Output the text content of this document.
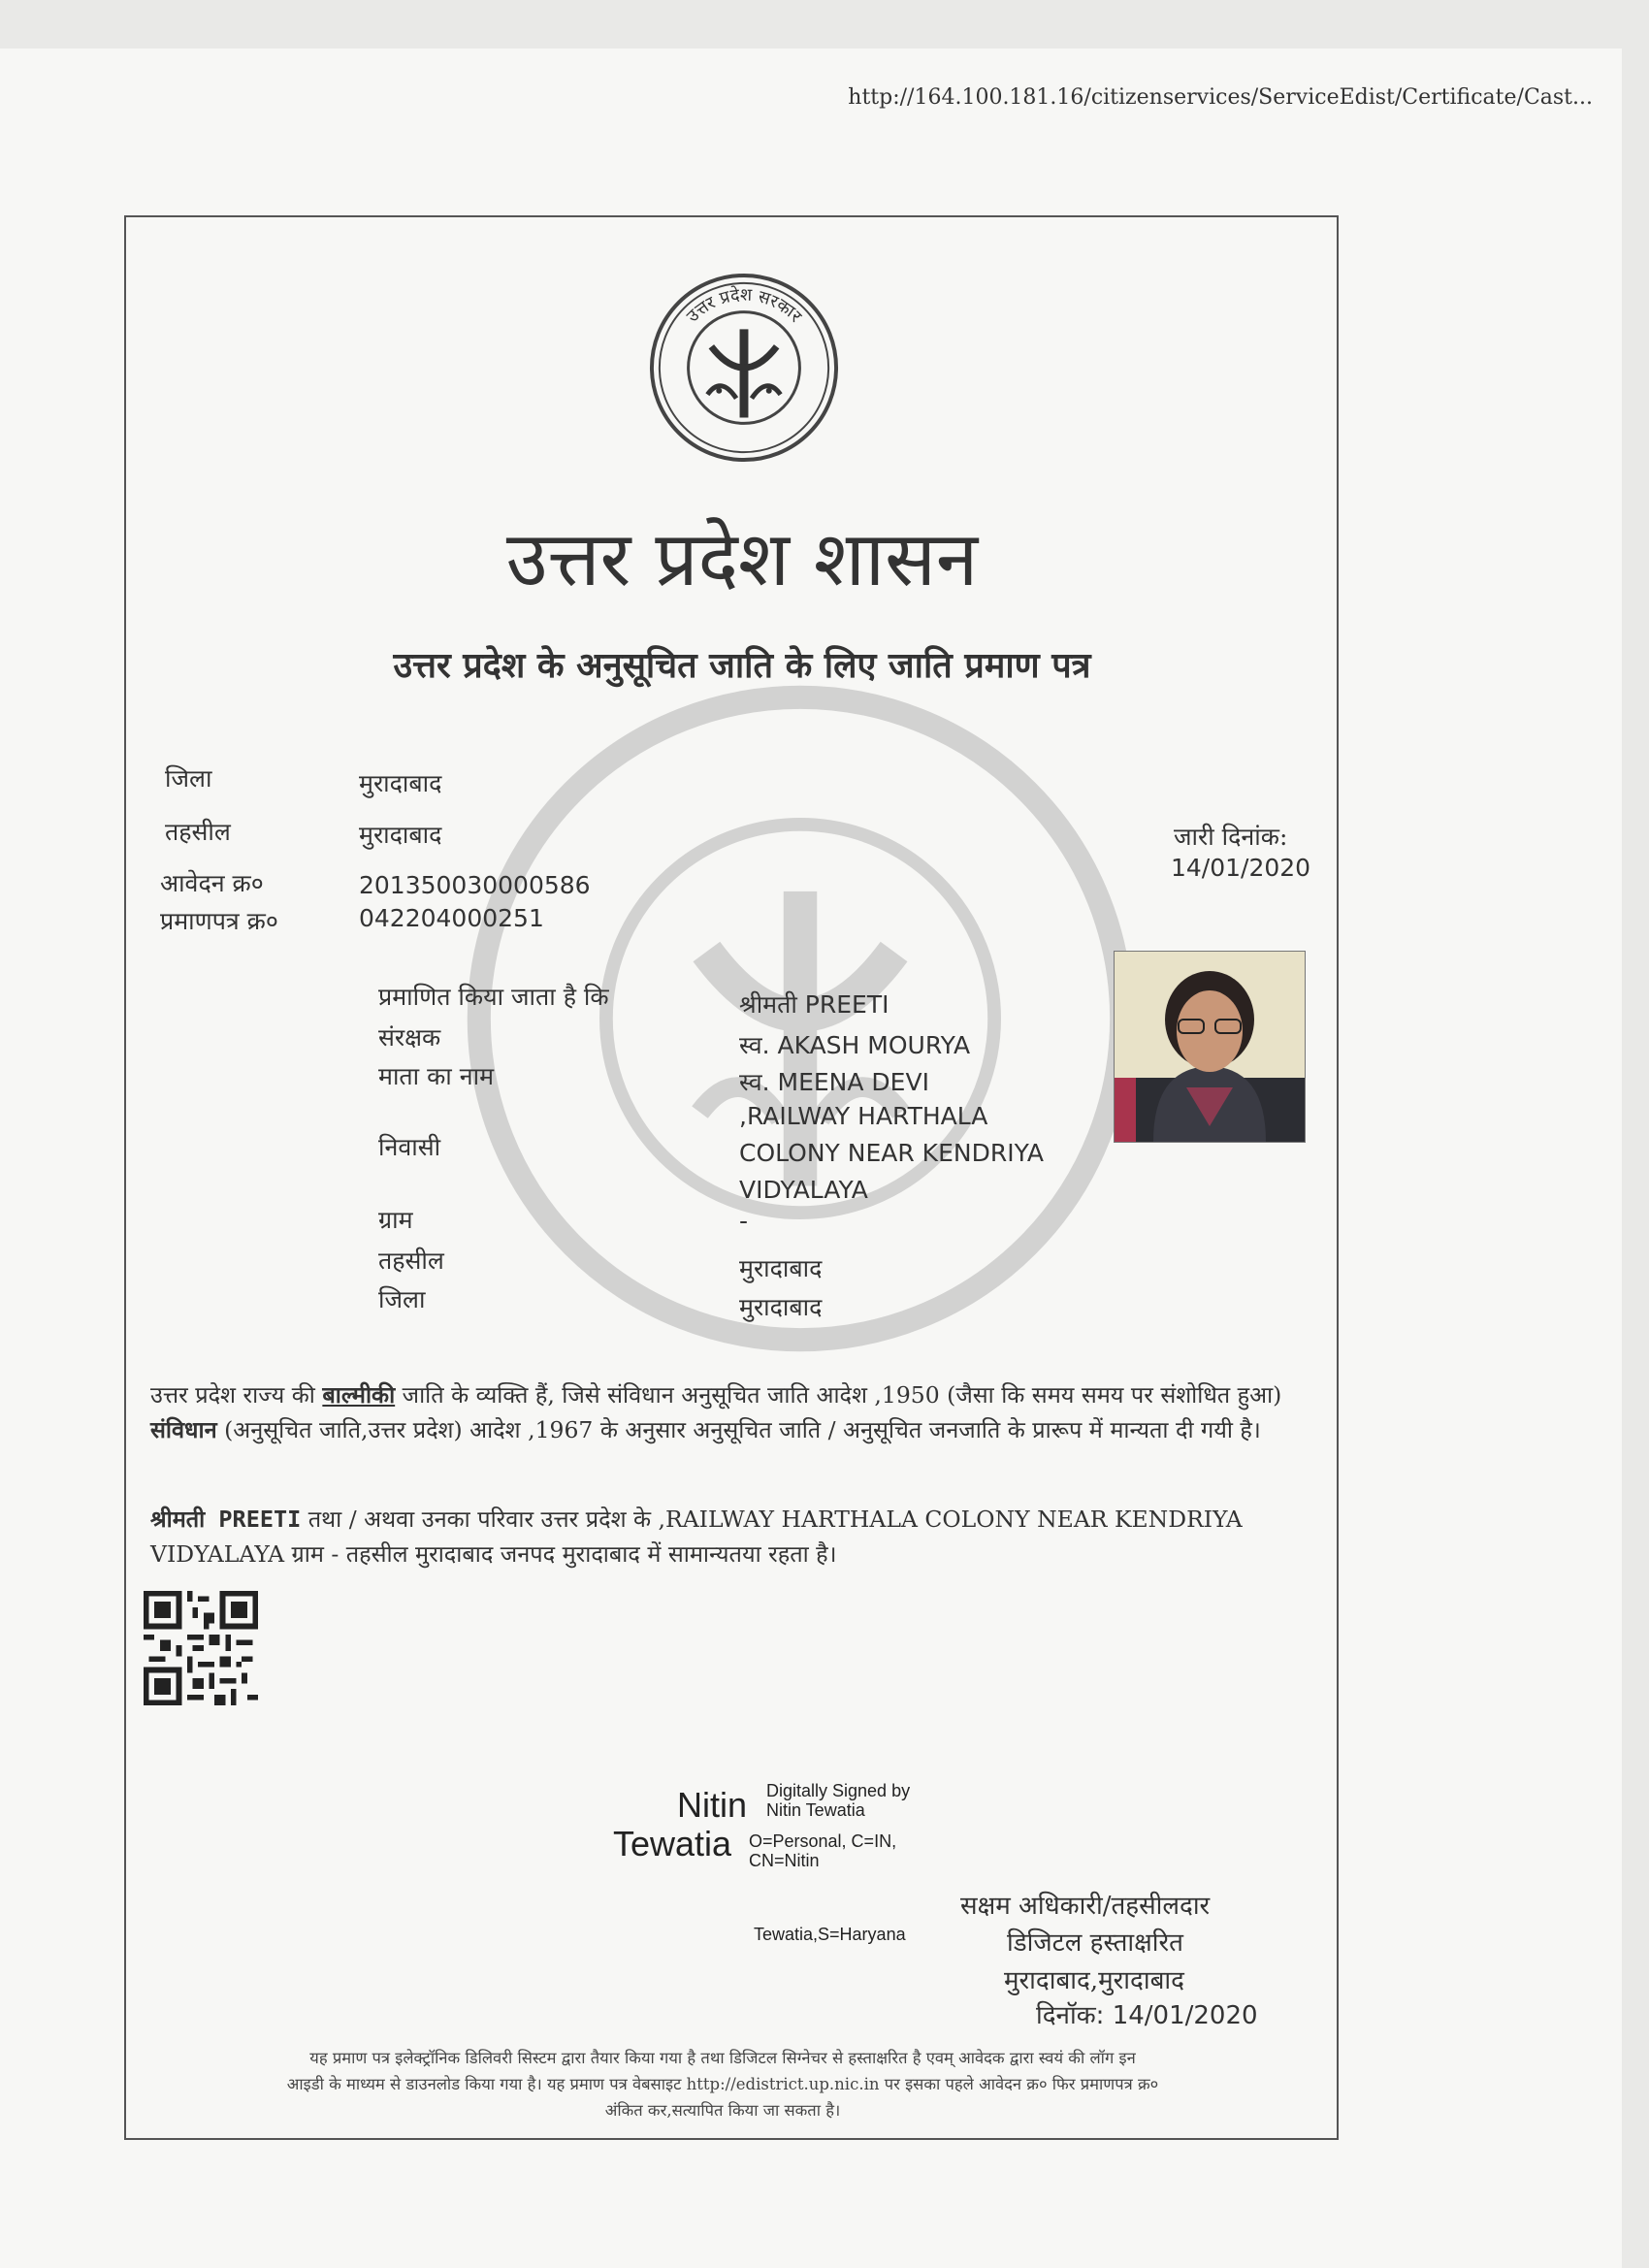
http://164.100.181.16/citizenservices/ServiceEdist/Certificate/Cast...
उत्तर प्रदेश सरकार
उत्तर प्रदेश शासन
उत्तर प्रदेश के अनुसूचित जाति के लिए जाति प्रमाण पत्र
जिला	मुरादाबाद
तहसील	मुरादाबाद
आवेदन क्र०	201350030000586
प्रमाणपत्र क्र०	042204000251
जारी दिनांक:
14/01/2020
प्रमाणित किया जाता है कि	श्रीमती PREETI
संरक्षक	स्व. AKASH MOURYA
माता का नाम	स्व. MEENA DEVI
निवासी
,RAILWAY HARTHALA
COLONY NEAR KENDRIYA
VIDYALAYA
ग्राम	-
तहसील	मुरादाबाद
जिला	मुरादाबाद
उत्तर प्रदेश राज्य की बाल्मीकी जाति के व्यक्ति हैं, जिसे संविधान अनुसूचित जाति आदेश ,1950 (जैसा कि समय समय पर संशोधित हुआ) संविधान (अनुसूचित जाति,उत्तर प्रदेश) आदेश ,1967 के अनुसार अनुसूचित जाति / अनुसूचित जनजाति के प्रारूप में मान्यता दी गयी है।
श्रीमती PREETI तथा / अथवा उनका परिवार उत्तर प्रदेश के ,RAILWAY HARTHALA COLONY NEAR KENDRIYA VIDYALAYA ग्राम - तहसील मुरादाबाद जनपद मुरादाबाद में सामान्यतया रहता है।
Nitin
Tewatia
Digitally Signed by
Nitin Tewatia
O=Personal, C=IN,
CN=Nitin
Tewatia,S=Haryana
सक्षम अधिकारी/तहसीलदार
डिजिटल हस्ताक्षरित
मुरादाबाद,मुरादाबाद
दिनॉक: 14/01/2020
यह प्रमाण पत्र इलेक्ट्रॉनिक डिलिवरी सिस्टम द्वारा तैयार किया गया है तथा डिजिटल सिग्नेचर से हस्ताक्षरित है एवम् आवेदक द्वारा स्वयं की लॉग इन
आइडी के माध्यम से डाउनलोड किया गया है। यह प्रमाण पत्र वेबसाइट http://edistrict.up.nic.in पर इसका पहले आवेदन क्र० फिर प्रमाणपत्र क्र०
अंकित कर,सत्यापित किया जा सकता है।
